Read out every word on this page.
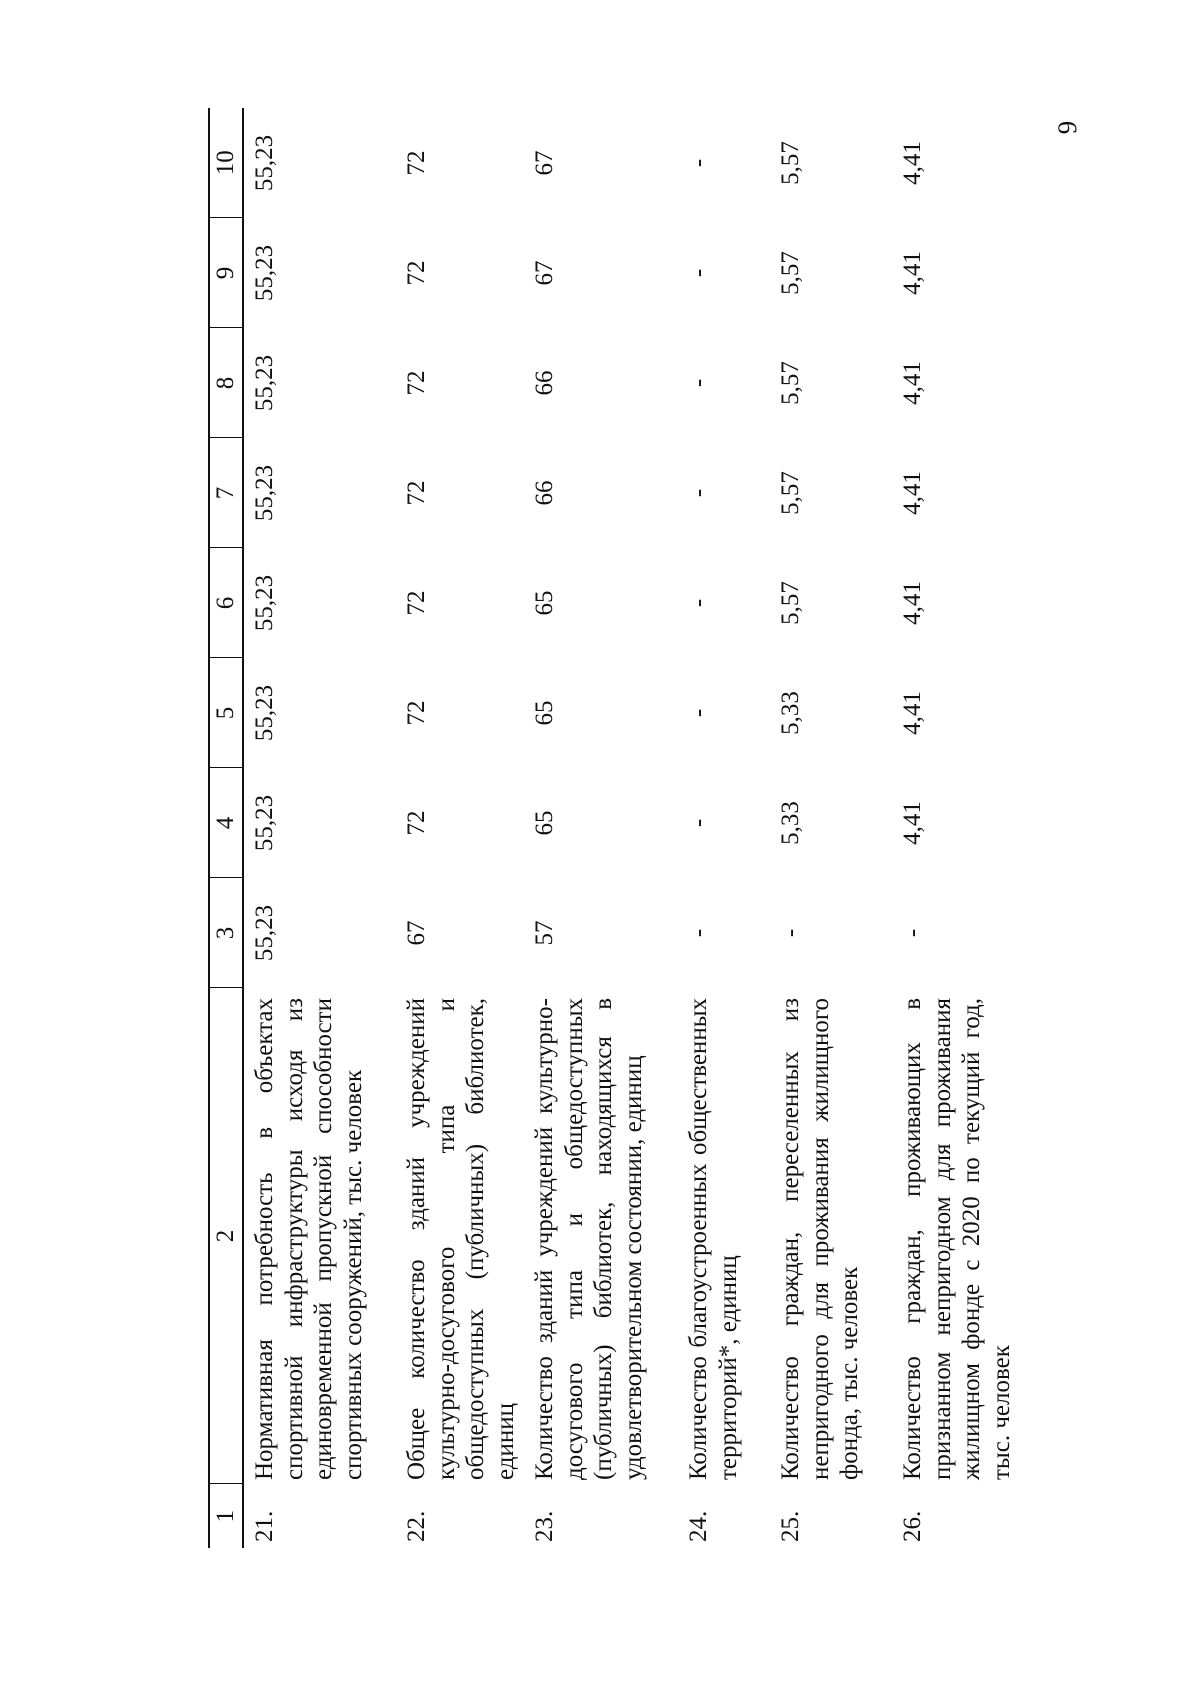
6
1	2	3	4	5	6	7	8	9	10
21.	Нормативная потребность в объектах спортивной инфраструктуры исходя из единовременной пропускной способности спортивных сооружений, тыс. человек	55,23	55,23	55,23	55,23	55,23	55,23	55,23	55,23
22.	Общее количество зданий учреждений культурно-досугового типа и общедоступных (публичных) библиотек, единиц	67	72	72	72	72	72	72	72
23.	Количество зданий учреждений культурно-досугового типа и общедоступных (публичных) библиотек, находящихся в удовлетворительном состоянии, единиц	57	65	65	65	66	66	67	67
24.	Количество благоустроенных общественных территорий*, единиц	-	-	-	-	-	-	-	-
25.	Количество граждан, переселенных из непригодного для проживания жилищного фонда, тыс. человек	-	5,33	5,33	5,57	5,57	5,57	5,57	5,57
26.	Количество граждан, проживающих в признанном непригодном для проживания жилищном фонде с 2020 по текущий год, тыс. человек	-	4,41	4,41	4,41	4,41	4,41	4,41	4,41
